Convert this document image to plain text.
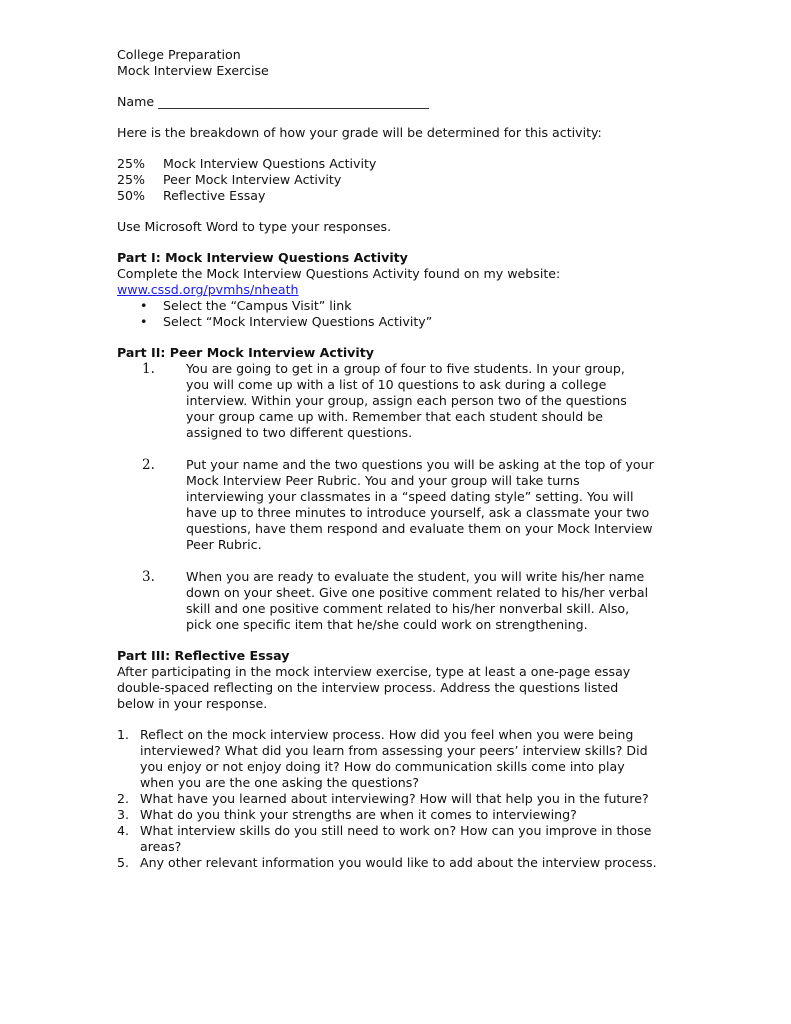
College Preparation
Mock Interview Exercise
Name ___________________________________________
Here is the breakdown of how your grade will be determined for this activity:
25%	Mock Interview Questions Activity
25%	Peer Mock Interview Activity
50%	Reflective Essay
Use Microsoft Word to type your responses.
Part I: Mock Interview Questions Activity
Complete the Mock Interview Questions Activity found on my website:
www.cssd.org/pvmhs/nheath
• Select the “Campus Visit” link
• Select “Mock Interview Questions Activity”
Part II: Peer Mock Interview Activity
1. You are going to get in a group of four to five students. In your group,
you will come up with a list of 10 questions to ask during a college
interview. Within your group, assign each person two of the questions
your group came up with. Remember that each student should be
assigned to two different questions.
2. Put your name and the two questions you will be asking at the top of your
Mock Interview Peer Rubric. You and your group will take turns
interviewing your classmates in a “speed dating style” setting. You will
have up to three minutes to introduce yourself, ask a classmate your two
questions, have them respond and evaluate them on your Mock Interview
Peer Rubric.
3. When you are ready to evaluate the student, you will write his/her name
down on your sheet. Give one positive comment related to his/her verbal
skill and one positive comment related to his/her nonverbal skill. Also,
pick one specific item that he/she could work on strengthening.
Part III: Reflective Essay
After participating in the mock interview exercise, type at least a one-page essay
double-spaced reflecting on the interview process. Address the questions listed
below in your response.
1. Reflect on the mock interview process. How did you feel when you were being
interviewed? What did you learn from assessing your peers’ interview skills? Did
you enjoy or not enjoy doing it? How do communication skills come into play
when you are the one asking the questions?
2. What have you learned about interviewing? How will that help you in the future?
3. What do you think your strengths are when it comes to interviewing?
4. What interview skills do you still need to work on? How can you improve in those
areas?
5. Any other relevant information you would like to add about the interview process.
